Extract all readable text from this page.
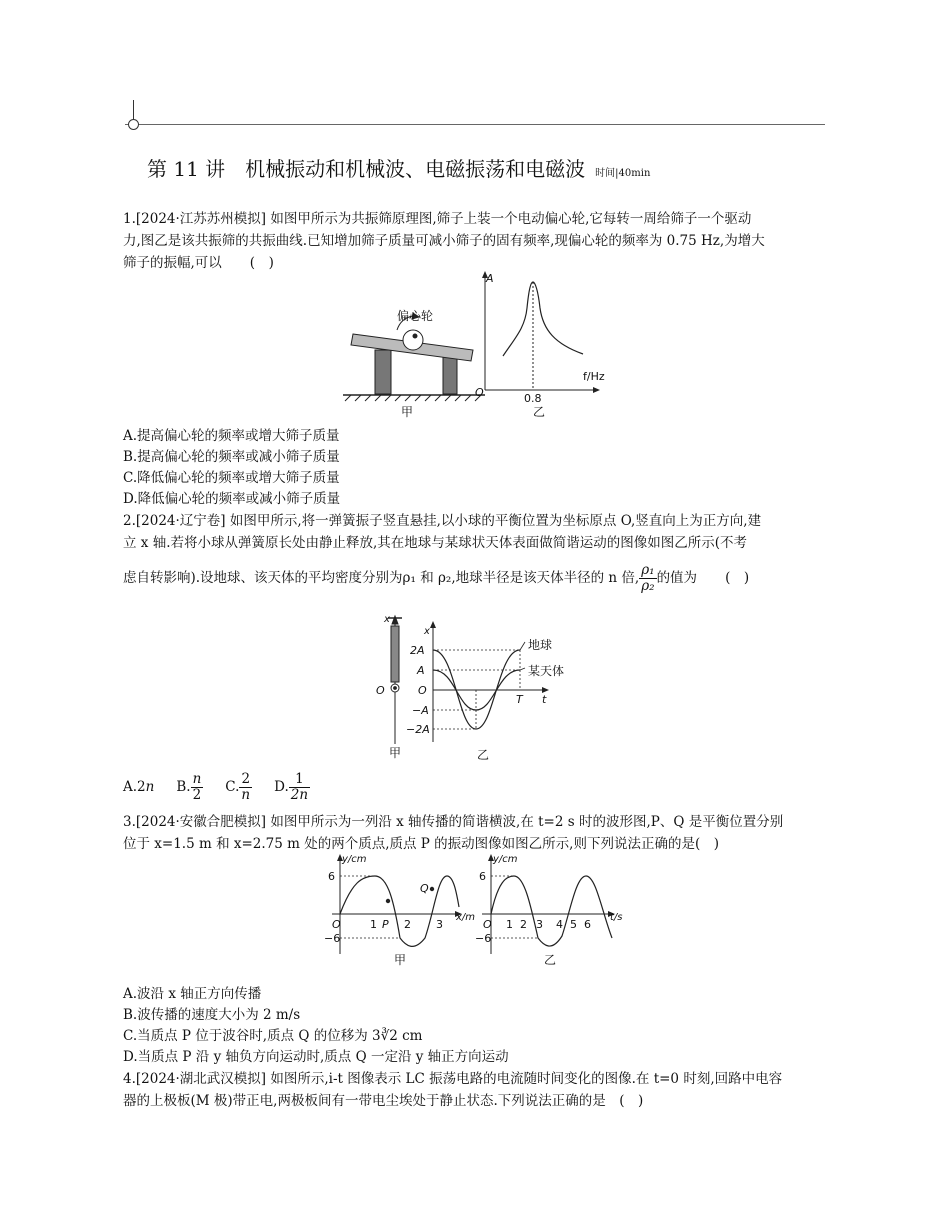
第 11 讲　机械振动和机械波、电磁振荡和电磁波 时间|40min
1.[2024·江苏苏州模拟] 如图甲所示为共振筛原理图,筛子上装一个电动偏心轮,它每转一周给筛子一个驱动
力,图乙是该共振筛的共振曲线.已知增加筛子质量可减小筛子的固有频率,现偏心轮的频率为 0.75 Hz,为增大
筛子的振幅,可以 (　)
偏心轮
甲
A
f/Hz
O	0.8
乙
A.提高偏心轮的频率或增大筛子质量
B.提高偏心轮的频率或减小筛子质量
C.降低偏心轮的频率或增大筛子质量
D.降低偏心轮的频率或减小筛子质量
2.[2024·辽宁卷] 如图甲所示,将一弹簧振子竖直悬挂,以小球的平衡位置为坐标原点 O,竖直向上为正方向,建
立 x 轴.若将小球从弹簧原长处由静止释放,其在地球与某球状天体表面做简谐运动的图像如图乙所示(不考
虑自转影响).设地球、该天体的平均密度分别为ρ₁ 和 ρ₂,地球半径是该天体半径的 n 倍, $\frac{\text{ρ₁}}{\text{ρ₂}}$ 的值为 (　)
x
O
甲
x
2A
A
O
−A
−2A
T t
地球
某天体
乙
A.2n B. $\frac{n}{2} C$. $\frac{2}{n} D$. $\frac{1}{2n}$
3.[2024·安徽合肥模拟] 如图甲所示为一列沿 x 轴传播的简谐横波,在 t=2 s 时的波形图,P、Q 是平衡位置分别
位于 x=1.5 m 和 x=2.75 m 处的两个质点,质点 P 的振动图像如图乙所示,则下列说法正确的是(　)
y/cm
6
O
−6
1 P 2 3
Q
x/m
甲
y/cm
6
O
−6
1 2 3 4 5 6
t/s
乙
A.波沿 x 轴正方向传播
B.波传播的速度大小为 2 m/s
C.当质点 P 位于波谷时,质点 Q 的位移为 3∛2 cm
D.当质点 P 沿 y 轴负方向运动时,质点 Q 一定沿 y 轴正方向运动
4.[2024·湖北武汉模拟] 如图所示,i-t 图像表示 LC 振荡电路的电流随时间变化的图像.在 t=0 时刻,回路中电容
器的上极板(M 极)带正电,两极板间有一带电尘埃处于静止状态.下列说法正确的是　(　)
